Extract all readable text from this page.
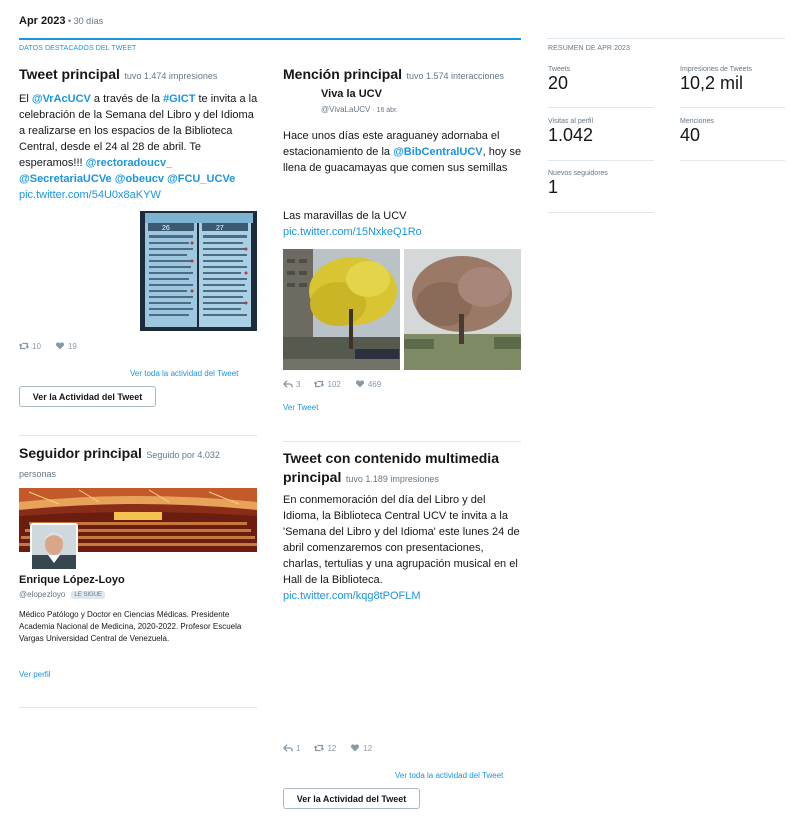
Apr 2023 • 30 días
DATOS DESTACADOS DEL TWEET
Tweet principal tuvo 1.474 impresiones
El @VrAcUCV a través de la #GICT te invita a la celebración de la Semana del Libro y del Idioma a realizarse en los espacios de la Biblioteca Central, desde el 24 al 28 de abril. Te esperamos!!! @rectoradoucv_ @SecretariaUCVe @obeucv @FCU_UCVe pic.twitter.com/54U0x8aKYW
26	27
10	19
Ver toda la actividad del Tweet
Ver la Actividad del Tweet
Seguidor principal Seguido por 4.032 personas
Enrique López-Loyo
@elopezloyo	LE SIGUE
Médico Patólogo y Doctor en Ciencias Médicas. Presidente Academia Nacional de Medicina, 2020-2022. Profesor Escuela Vargas Universidad Central de Venezuela.
Ver perfil
Mención principal tuvo 1.574 interacciones
Viva la UCV
@VivaLaUCV · 16 abr.
Hace unos días este araguaney adornaba el estacionamiento de la @BibCentralUCV, hoy se llena de guacamayas que comen sus semillas
Las maravillas de la UCV
pic.twitter.com/15NxkeQ1Ro
3	102	469
Ver Tweet
Tweet con contenido multimedia principal tuvo 1.189 impresiones
En conmemoración del día del Libro y del Idioma, la Biblioteca Central UCV te invita a la 'Semana del Libro y del Idioma' este lunes 24 de abril comenzaremos con presentaciones, charlas, tertulias y una agrupación musical en el Hall de la Biblioteca. pic.twitter.com/kqg8tPOFLM
1	12	12
Ver toda la actividad del Tweet
Ver la Actividad del Tweet
RESUMEN DE APR 2023
Tweets
20
Impresiones de Tweets
10,2 mil
Visitas al perfil
1.042
Menciones
40
Nuevos seguidores
1
